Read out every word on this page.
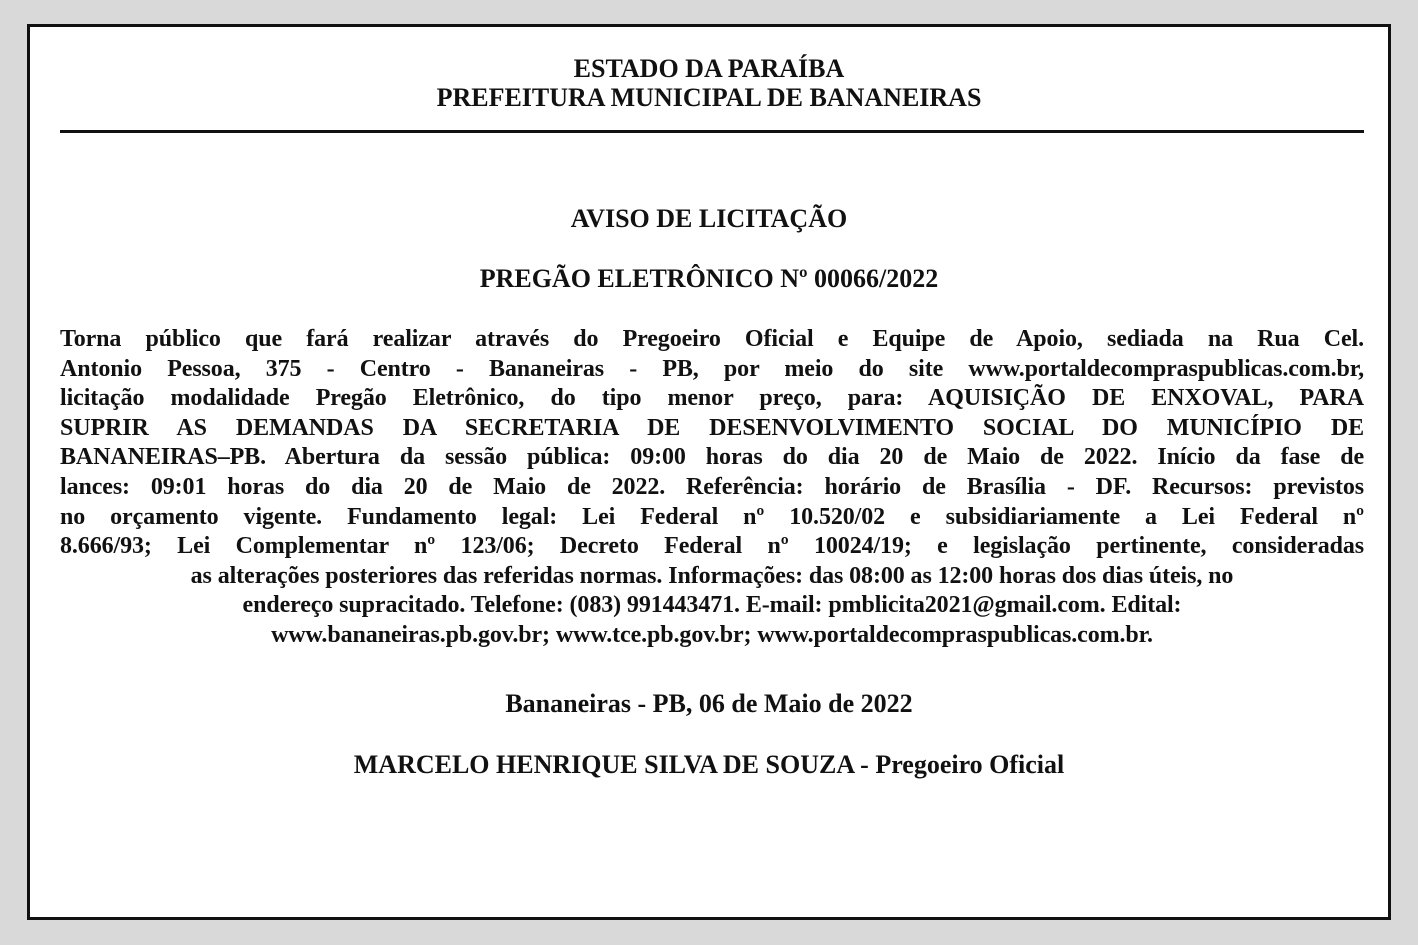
ESTADO DA PARAÍBA
PREFEITURA MUNICIPAL DE BANANEIRAS
AVISO DE LICITAÇÃO
PREGÃO ELETRÔNICO Nº 00066/2022
Torna público que fará realizar através do Pregoeiro Oficial e Equipe de Apoio, sediada na Rua Cel.
Antonio Pessoa, 375 - Centro - Bananeiras - PB, por meio do site www.portaldecompraspublicas.com.br,
licitação modalidade Pregão Eletrônico, do tipo menor preço, para: AQUISIÇÃO DE ENXOVAL, PARA
SUPRIR AS DEMANDAS DA SECRETARIA DE DESENVOLVIMENTO SOCIAL DO MUNICÍPIO DE
BANANEIRAS–PB. Abertura da sessão pública: 09:00 horas do dia 20 de Maio de 2022. Início da fase de
lances: 09:01 horas do dia 20 de Maio de 2022. Referência: horário de Brasília - DF. Recursos: previstos
no orçamento vigente. Fundamento legal: Lei Federal nº 10.520/02 e subsidiariamente a Lei Federal nº
8.666/93; Lei Complementar nº 123/06; Decreto Federal nº 10024/19; e legislação pertinente, consideradas
as alterações posteriores das referidas normas. Informações: das 08:00 as 12:00 horas dos dias úteis, no
endereço supracitado. Telefone: (083) 991443471. E-mail: pmblicita2021@gmail.com. Edital:
www.bananeiras.pb.gov.br; www.tce.pb.gov.br; www.portaldecompraspublicas.com.br.
Bananeiras - PB, 06 de Maio de 2022
MARCELO HENRIQUE SILVA DE SOUZA - Pregoeiro Oficial
